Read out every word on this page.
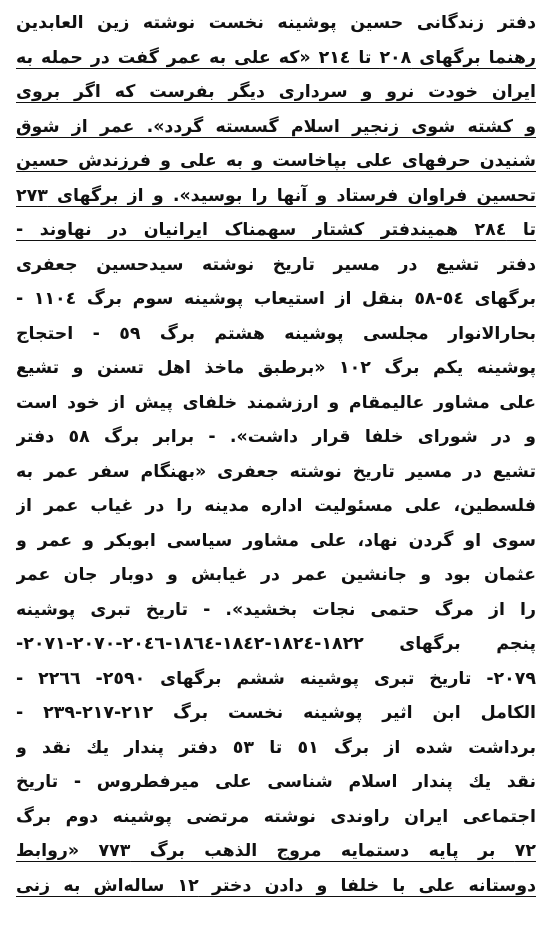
دفتر زندگانی حسین پوشینه نخست نوشته زین العابدین
رهنما برگهای ۲۰۸ تا ۲۱٤ «که علی به عمر گفت در حمله به
ایران خودت نرو و سرداری دیگر بفرست که اگر بروی
و کشته شوی زنجیر اسلام گسسته گردد». عمر از شوق
شنیدن حرفهای علی بپاخاست و به علی و فرزندش حسین
تحسین فراوان فرستاد و آنها را بوسید». و از برگهای ۲۷۳
تا ۲۸٤ همیندفتر کشتار سهمناک ایرانیان در نهاوند -
دفتر تشیع در مسیر تاریخ نوشته سیدحسین جعفری
برگهای ٥٤-٥٨ بنقل از استیعاب پوشینه سوم برگ ۱۱۰٤ -
بحارالانوار مجلسی پوشینه هشتم برگ ٥۹ - احتجاج
پوشینه یکم برگ ۱۰۲ «برطبق ماخذ اهل تسنن و تشیع
علی مشاور عالیمقام و ارزشمند خلفای پیش از خود است
و در شورای خلفا قرار داشت». - برابر برگ ٥۸ دفتر
تشیع در مسیر تاریخ نوشته جعفری «بهنگام سفر عمر به
فلسطین، علی مسئولیت اداره مدینه را در غیاب عمر از
سوی او گردن نهاد، علی مشاور سیاسی ابوبکر و عمر و
عثمان بود و جانشین عمر در غیابش و دوبار جان عمر
را از مرگ حتمی نجات بخشید». - تاریخ تبری پوشینه
پنجم برگهای ۱۸۲۲-۱۸۲٤-۱۸٤۲-۱۸٦٤-۲۰٤٦-۲۰۷۰-۲۰۷۱-
۲۰۷۹- تاریخ تبری پوشینه ششم برگهای ۲٥۹۰- ۲۲٦٦ -
الکامل ابن اثیر پوشینه نخست برگ ۲۱۲-۲۱۷-۲۳۹ -
برداشت شده از برگ ٥۱ تا ٥۳ دفتر پندار یك نقد و
نقد یك پندار اسلام شناسی علی میرفطروس - تاریخ
اجتماعی ایران راوندی نوشته مرتضی پوشینه دوم برگ
۷۲ بر پایه دستمایه مروج الذهب برگ ۷۷۳ «روابط
دوستانه علی با خلفا و دادن دختر ۱۲ ساله‌اش به زنی
